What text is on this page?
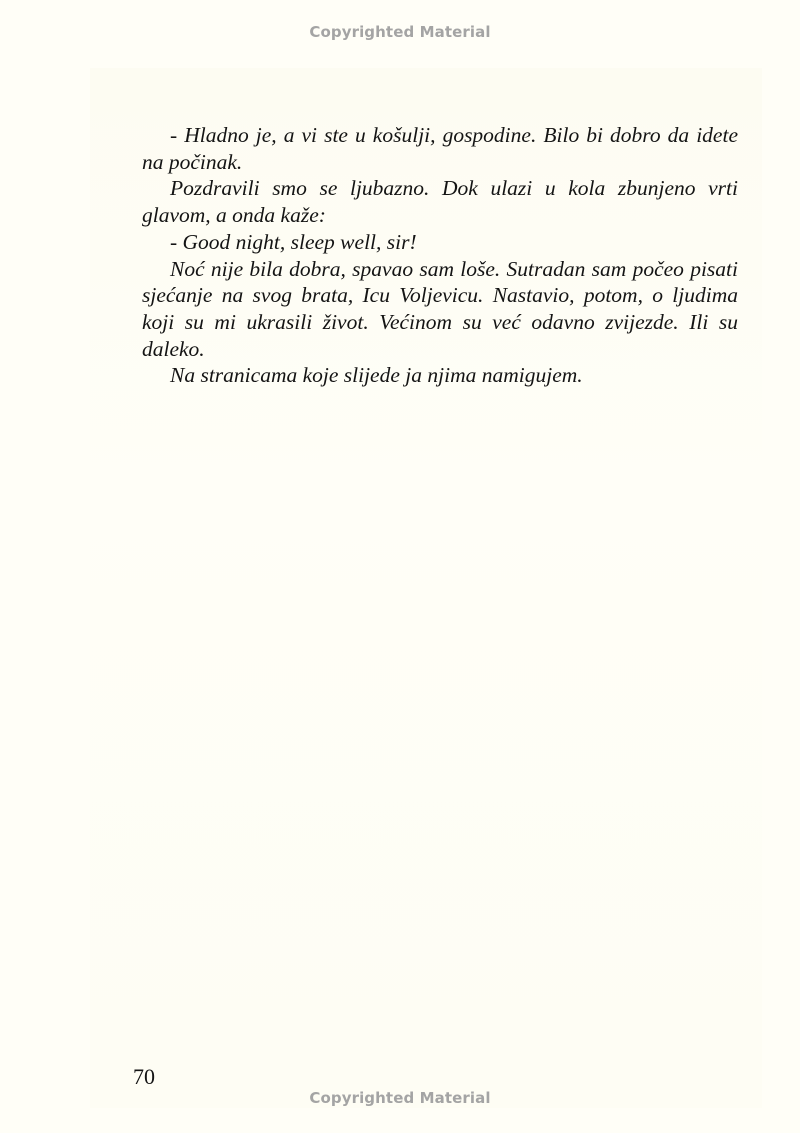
Copyrighted Material

- Hladno je, a vi ste u košulji, gospodine. Bilo bi dobro da idete na počinak.

Pozdravili smo se ljubazno. Dok ulazi u kola zbunjeno vrti glavom, a onda kaže:

- Good night, sleep well, sir!

Noć nije bila dobra, spavao sam loše. Sutradan sam počeo pisati sjećanje na svog brata, Icu Voljevicu. Nastavio, potom, o ljudima koji su mi ukrasili život. Većinom su već odavno zvijezde. Ili su daleko.

Na stranicama koje slijede ja njima namigujem.

70
Copyrighted Material
